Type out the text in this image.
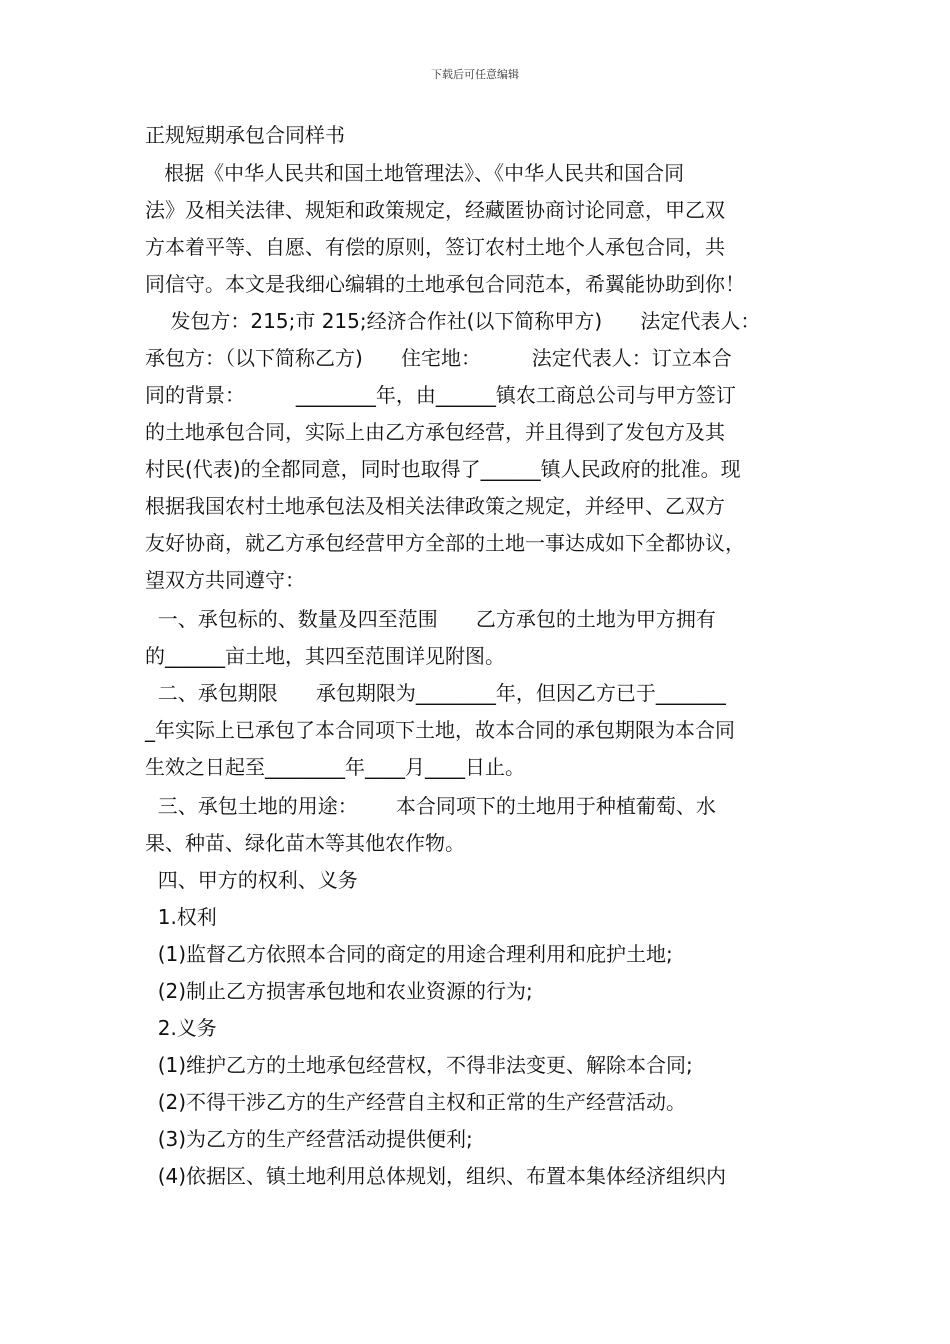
下载后可任意编辑
正规短期承包合同样书
根据《中华人民共和国土地管理法》、《中华人民共和国合同
法》及相关法律、规矩和政策规定，经藏匿协商讨论同意，甲乙双
方本着平等、自愿、有偿的原则，签订农村土地个人承包合同，共
同信守。本文是我细心编辑的土地承包合同范本，希翼能协助到你！
发包方：215;市 215;经济合作社(以下简称甲方)      法定代表人：
承包方：（以下简称乙方)      住宅地：        法定代表人：订立本合
同的背景：        ________年，由______镇农工商总公司与甲方签订
的土地承包合同，实际上由乙方承包经营，并且得到了发包方及其
村民(代表)的全都同意，同时也取得了______镇人民政府的批准。现
根据我国农村土地承包法及相关法律政策之规定，并经甲、乙双方
友好协商，就乙方承包经营甲方全部的土地一事达成如下全都协议，
望双方共同遵守：
一、承包标的、数量及四至范围      乙方承包的土地为甲方拥有
的______亩土地，其四至范围详见附图。
二、承包期限      承包期限为________年，但因乙方已于_______
_年实际上已承包了本合同项下土地，故本合同的承包期限为本合同
生效之日起至________年____月____日止。
三、承包土地的用途：      本合同项下的土地用于种植葡萄、水
果、种苗、绿化苗木等其他农作物。
四、甲方的权利、义务
1.权利
(1)监督乙方依照本合同的商定的用途合理利用和庇护土地;
(2)制止乙方损害承包地和农业资源的行为;
2.义务
(1)维护乙方的土地承包经营权，不得非法变更、解除本合同;
(2)不得干涉乙方的生产经营自主权和正常的生产经营活动。
(3)为乙方的生产经营活动提供便利;
(4)依据区、镇土地利用总体规划，组织、布置本集体经济组织内
